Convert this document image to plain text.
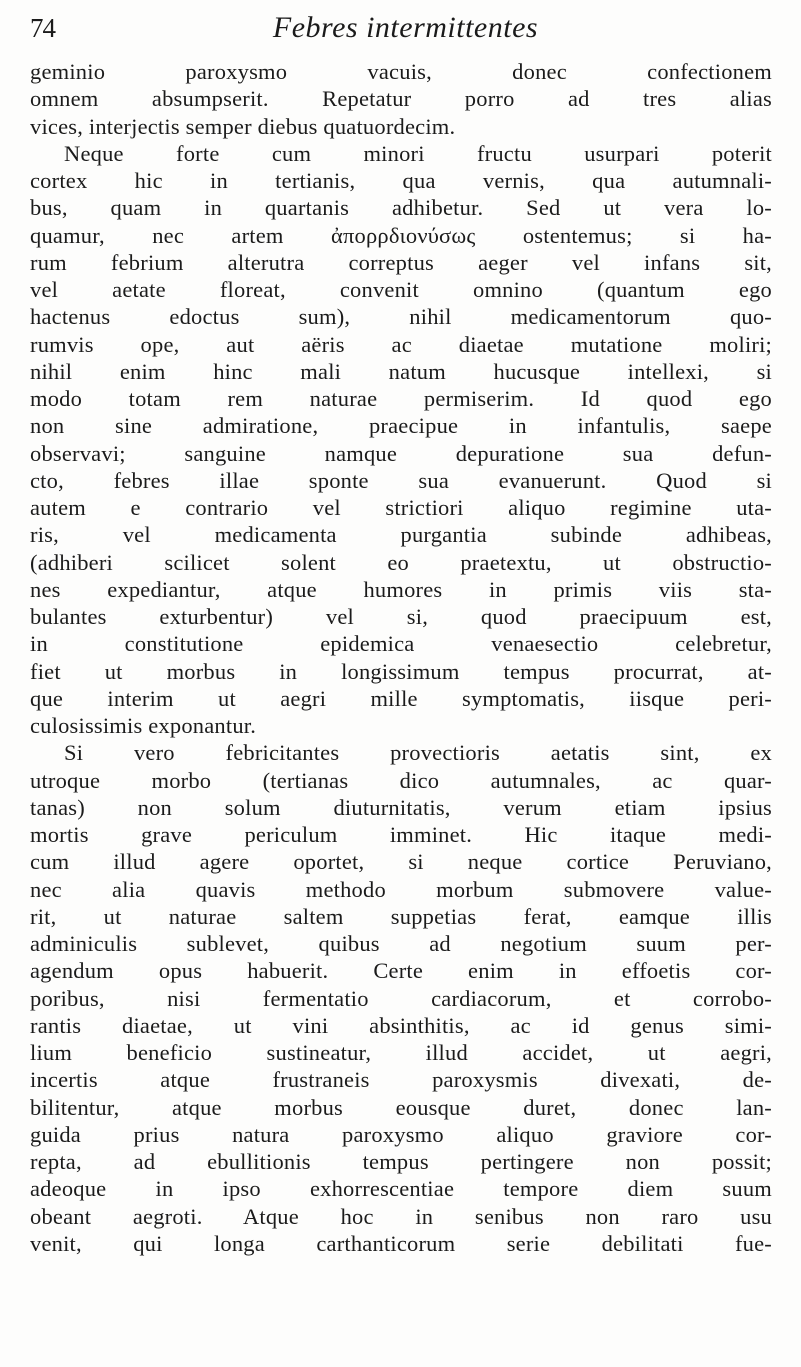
74	Febres intermittentes
geminio paroxysmo vacuis, donec confectionem
omnem absumpserit. Repetatur porro ad tres alias
vices, interjectis semper diebus quatuordecim.
Neque forte cum minori fructu usurpari poterit
cortex hic in tertianis, qua vernis, qua autumnali-
bus, quam in quartanis adhibetur. Sed ut vera lo-
quamur, nec artem ἀπορρδιονύσως ostentemus; si ha-
rum febrium alterutra correptus aeger vel infans sit,
vel aetate floreat, convenit omnino (quantum ego
hactenus edoctus sum), nihil medicamentorum quo-
rumvis ope, aut aëris ac diaetae mutatione moliri;
nihil enim hinc mali natum hucusque intellexi, si
modo totam rem naturae permiserim. Id quod ego
non sine admiratione, praecipue in infantulis, saepe
observavi; sanguine namque depuratione sua defun-
cto, febres illae sponte sua evanuerunt. Quod si
autem e contrario vel strictiori aliquo regimine uta-
ris, vel medicamenta purgantia subinde adhibeas,
(adhiberi scilicet solent eo praetextu, ut obstructio-
nes expediantur, atque humores in primis viis sta-
bulantes exturbentur) vel si, quod praecipuum est,
in constitutione epidemica venaesectio celebretur,
fiet ut morbus in longissimum tempus procurrat, at-
que interim ut aegri mille symptomatis, iisque peri-
culosissimis exponantur.
Si vero febricitantes provectioris aetatis sint, ex
utroque morbo (tertianas dico autumnales, ac quar-
tanas) non solum diuturnitatis, verum etiam ipsius
mortis grave periculum imminet. Hic itaque medi-
cum illud agere oportet, si neque cortice Peruviano,
nec alia quavis methodo morbum submovere value-
rit, ut naturae saltem suppetias ferat, eamque illis
adminiculis sublevet, quibus ad negotium suum per-
agendum opus habuerit. Certe enim in effoetis cor-
poribus, nisi fermentatio cardiacorum, et corrobo-
rantis diaetae, ut vini absinthitis, ac id genus simi-
lium beneficio sustineatur, illud accidet, ut aegri,
incertis atque frustraneis paroxysmis divexati, de-
bilitentur, atque morbus eousque duret, donec lan-
guida prius natura paroxysmo aliquo graviore cor-
repta, ad ebullitionis tempus pertingere non possit;
adeoque in ipso exhorrescentiae tempore diem suum
obeant aegroti. Atque hoc in senibus non raro usu
venit, qui longa carthanticorum serie debilitati fue-
